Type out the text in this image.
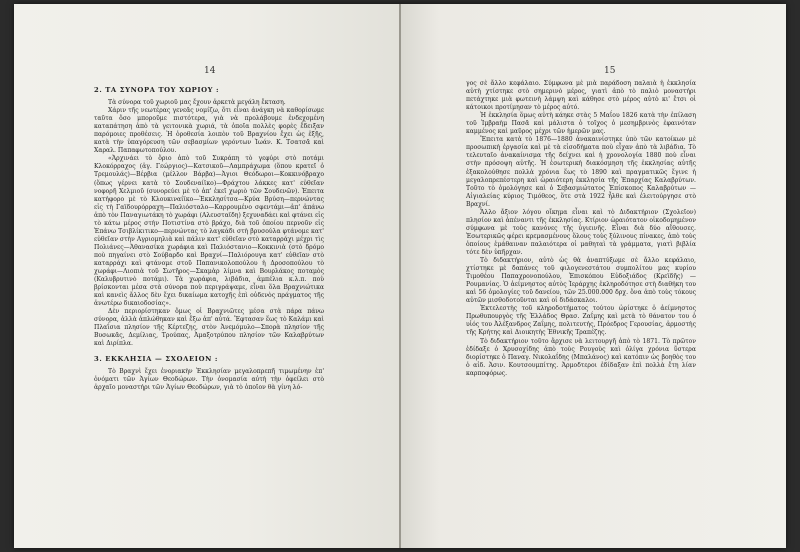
14
2. ΤΑ ΣΥΝΟΡΑ ΤΟΥ ΧΩΡΙΟΥ :

Τὰ σύνορα τοῦ χωριοῦ μας ἔχουν ἀρκετὰ μεγάλη ἔκταση.

Χάριν τῆς νεωτέρας γενεᾶς νομίζω, ὅτι εἶναι ἀνάγκη νὰ καθορίσωμε ταῦτα ὅσο μποροῦμε πιστότερα, γιὰ νὰ προλάβουμε ἐνδεχομένη καταπάτηση ἀπὸ τὰ γειτονικὰ χωριά, τὰ ὁποῖα πολλὲς φορὲς ἔδειξαν παρόμοιες προθέσεις. Ἡ ὁροθεσία λοιπὸν τοῦ Βραχνίου ἔχει ὡς ἑξῆς, κατὰ τὴν ὑπαγόρευση τῶν σεβασμίων γερόντων Ἰωάν. Κ. Τσατσᾶ καὶ Χαραλ. Παπαφωτοπούλου.

«Ἀρχινάει τὸ ὅριο ἀπὸ τοῦ Συκράπη τὸ γεφύρι στὸ ποτάμι Κλοκόρραχος (ἁγ. Γεώργιος)—Κατσικοῦ—Λαμπράχωμα (ὅπου κρατεῖ ὁ Τρεμουλάς)—Βέρβια (μέλλον Βάρβα)—Ἁγιοι Θεόδωροι—Κοκκινόβραχο (ὅπως γέρνει κατὰ τὸ Σουδεναίϊκο)—Φράχτου λάκκες κατ' εὐθεῖαν νοφορῆ Χελμιοῦ (συνορεύει μὲ τὸ ἀπ' ἐκεῖ χωριὸ τῶν Σουδενῶν). Ἐπειτα κατήφορο μὲ τὸ Κλουκιναίϊκο—Ἐκκλησίτσα—Κρύα Βρύση—περνώντας εἰς τὴ Γαϊδουρόρραχη—Παλιόσταλο—Καρρουμένο σφεντάμι—ἀπ' ἀπάνω ἀπὸ τὸν Παναγιωτάκη τὸ χωράφι (Αλευσταϊδη) ξεχυναδάει καὶ φτάνει εἰς τὸ κάτω μέρος στὴν Ποτιστίνα στὸ βράχο, διὰ τοῦ ὁποίου περνοῦν εἰς Ἐπάνω Τσιβλίκιτικο—περνώντας τὸ λαγκάδι στὴ βρυσούλα φτάνομε κατ' εὐθεῖαν στὴν Αγριομηλιὰ καὶ πάλιν κατ' εὐθεῖαν στὸ καταρράχι μέχρι τὶς Πολιάνες—Ἀθανασίκα χωράφια καὶ Παλιόστανιο—Κοκκινιὰ (στὸ δρόμο ποὺ πηγαίνει στὸ Σούβαρδο καὶ Βραχνί—Παλιόρουγα κατ' εὐθεῖαν στὸ καταρράχι καὶ φτάνομε στοῦ Παπανικολοπούλου ἡ Δροσοπούλου τὸ χωράφι—Λιοπιὰ τοῦ Σωτῆρος—Σκαμὰρ λίμνα καὶ Βουρλάκος ποταμὸς (Καλυβρυτινὸ ποτάμι). Τὰ χωράφια, λιβάδια, ἀμπέλια κ.λ.π. ποὺ βρίσκονται μέσα στὰ σύνορα ποὺ περιγράψαμε, εἶναι ὅλα Βραχνιώτικα καὶ κανεὶς ἄλλος δὲν ἔχει δικαίωμα κατοχῆς ἐπὶ οὐδενὸς πράγματος τῆς ἀνωτέρω δικαιοδοσίας».

Δὲν περιορίστηκαν ὅμως οἱ Βραχνιῶτες μέσα στὰ πάρα πάνω σύνορα, ἀλλὰ ἁπλώθηκαν καὶ ἔξω ἀπ' αὐτά. Ἔφτασαν ἕως τὸ Καλάμι καὶ Πλαΐσια πλησίον τῆς Κέρτεζης, στὸν Ἀνεμόμυλο—Σπορὰ πλησίον τῆς Βυσωκᾶς, Δεμίλιας, Τρούπας, Ἀμαξοτρύπου πλησίον τῶν Καλαβρύτων καὶ Διρίπλα.

3. ΕΚΚΛΗΣΙΑ — ΣΧΟΛΕΙΟΝ :

Τὸ Βραχνὶ ἔχει ἐνοριακὴν Ἐκκλησίαν μεγαλοπρεπῆ τιμωμένην ἐπ' ὀνόματι τῶν Ἁγίων Θεοδώρων. Τὴν ὀνομασία αὐτὴ τὴν ὀφείλει στὸ ἀρχαῖο μοναστήρι τῶν Ἁγίων Θεοδώρων, γιὰ τὸ ὁποῖον θὰ γίνη λό-

15

γος σὲ ἄλλο κεφάλαιο. Σύμφωνα μὲ μιὰ παράδοση παλαιὰ ἡ ἐκκλησία αὐτὴ χτίστηκε στὸ σημερινὸ μέρος, γιατὶ ἀπὸ τὸ παλιὸ μοναστήρι πετάχτηκε μιὰ φωτεινὴ λάμψη καὶ κάθησε στὸ μέρος αὐτὸ κι' ἔτσι οἱ κάτοικοι προτίμησαν τὸ μέρος αὐτό.

Ἡ ἐκκλησία ὅμως αὐτὴ κάηκε στὰς 5 Μαΐου 1826 κατὰ τὴν ἐπίλαση τοῦ Ἰμβραὴμ Πασᾶ καὶ μάλιστα ὁ τοῖχος ὁ μεσημβρινὸς ἐφαινόταν καμμένος καὶ μαῦρος μέχρι τῶν ἡμερῶν μας.

Ἔπειτα κατὰ τὸ 1876—1880 ἀνακαινίστηκε ὑπὸ τῶν κατοίκων μὲ προσωπικὴ ἐργασία καὶ μὲ τὰ εἰσοδήματα ποὺ εἶχαν ἀπὸ τὰ λιβάδια. Τὸ τελευταῖο ἀνακαίνισμα τῆς δείχνει καὶ ἡ χρονολογία 1880 ποὺ εἶναι στὴν πρόσοψη αὐτῆς. Ἡ ἐσωτερικὴ διακόσμηση τῆς ἐκκλησίας αὐτῆς ἐξακολούθησε πολλὰ χρόνια ἕως τὸ 1890 καὶ πραγματικῶς ἔγινε ἡ μεγαλοπρεπέστερη καὶ ὡραιότερη ἐκκλησία τῆς Ἐπαρχίας Καλαβρύτων. Τοῦτο τὸ ὁμολόγησε καὶ ὁ Σεβασμιώτατος Ἐπίσκοπος Καλαβρύτων — Αἰγιαλείας κύριος Τιμόθεος, ὅτε στὰ 1922 ἦλθε καὶ ἐλειτούργησε στὸ Βραχνί.

Ἄλλο ἄξιον λόγου οἴκημα εἶναι καὶ τὸ Διδακτήριον (Σχολεῖον) πλησίον καὶ ἀπέναντι τῆς ἐκκλησίας. Κτίριον ὡραιότατον οἰκοδομημένον σύμφωνα μὲ τοὺς κανόνες τῆς ὑγιεινῆς. Εἶναι διὰ δύο αἴθουσες. Ἐσωτερικῶς φέρει κρεμασμένους ὅλους τοὺς ξύλινους πίνακες, ἀπὸ τοὺς ὁποίους ἐμάθαιναν παλαιότερα οἱ μαθηταὶ τὰ γράμματα, γιατὶ βιβλία τότε δὲν ὑπῆρχαν.

Τὸ διδακτήριον, αὐτὸ ὡς θὰ ἀναπτύξωμε σὲ ἄλλο κεφάλαιο, χτίστηκε μὲ δαπάνες τοῦ φιλογενεστάτου συμπολίτου μας κυρίου Τιμοθέου Παπαχρονοπούλου, Ἐπισκόπου Εὐδοξιάδος (Κρεϊδῆς) — Ρουμανίας. Ὁ ἀείμνηστος αὐτὸς Ἱεράρχης ἐκληροδότησε στὴ διαθήκη του καὶ 56 ὁμολογίες τοῦ δανείου, τῶν 25.000.000 δρχ. ὅνα ἀπὸ τοὺς τόκους αὐτῶν μισθοδοτοῦνται καὶ οἱ διδάσκαλοι.

Ἐκτελεστὴς τοῦ κληροδοτήματος τούτου ὡρίστηκε ὁ ἀείμνηστος Πρωθυπουργὸς τῆς Ἑλλάδος Θρασ. Ζαΐμης καὶ μετὰ τὸ θάνατον του ὁ υἱός του Ἀλέξανδρος Ζαΐμης, πολιτευτής, Πρόεδρος Γερουσίας, ἀρμοστὴς τῆς Κρήτης καὶ Διοικητὴς Ἐθνικῆς Τραπέζης.

Τὸ διδακτήριον τοῦτο ἄρχισε νὰ λειτουργῆ ἀπὸ τὸ 1871. Τὸ πρῶτον ἐδίδαξε ὁ Χρυσοχίδης ἀπὸ τοὺς Ρουγοὺς καὶ ὀλίγα χρόνια ὕστερα διορίστηκε ὁ Παναγ. Νικολαΐδης (Μπαλάνος) καὶ κατόπιν ὡς βοηθὸς του ὁ αἰδ. Ἀσιν. Κουτσουμπίτης. Ἀρμοδτεροι ἐδίδαξαν ἐπὶ πολλὰ ἔτη λίαν καρποφόρως.
